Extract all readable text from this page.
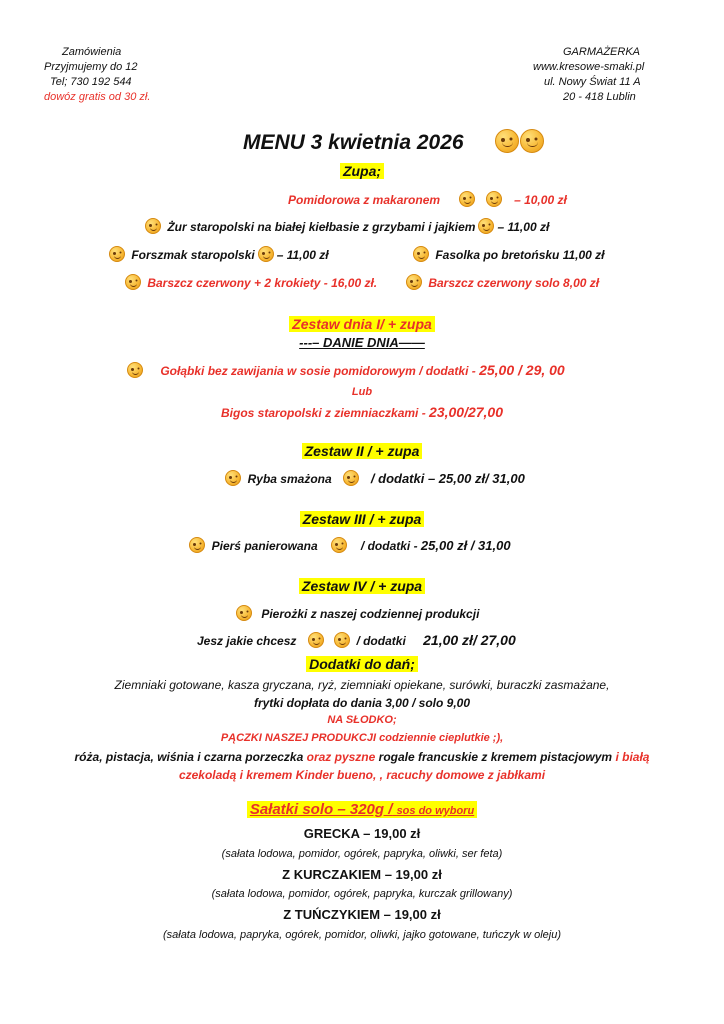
Zamówienia
Przyjmujemy do 12
Tel; 730 192 544
dowóz gratis od 30 zł.
GARMAŻERKA
www.kresowe-smaki.pl
ul. Nowy Świat 11 A
20 - 418 Lublin
MENU 3 kwietnia 2026
Zupa;
Pomidorowa z makaronem	– 10,00 zł
Żur staropolski na białej kiełbasie z grzybami i jajkiem – 11,00 zł
Forszmak staropolski – 11,00 zł	Fasolka po bretońsku 11,00 zł
Barszcz czerwony + 2 krokiety - 16,00 zł.	Barszcz czerwony solo 8,00 zł
Zestaw dnia I/ + zupa
---– DANIE DNIA——
Gołąbki bez zawijania w sosie pomidorowym / dodatki - 25,00 / 29, 00
Lub
Bigos staropolski z ziemniaczkami - 23,00/27,00
Zestaw II / + zupa
Ryba smażona	/ dodatki – 25,00 zł/ 31,00
Zestaw III / + zupa
Pierś panierowana	/ dodatki - 25,00 zł / 31,00
Zestaw IV / + zupa
Pierożki z naszej codziennej produkcji
Jesz jakie chcesz	/ dodatki 21,00 zł/ 27,00
Dodatki do dań;
Ziemniaki gotowane, kasza gryczana, ryż, ziemniaki opiekane, surówki, buraczki zasmażane,
frytki dopłata do dania 3,00 / solo 9,00
NA SŁODKO;
PĄCZKI NASZEJ PRODUKCJI codziennie cieplutkie ;),
róża, pistacja, wiśnia i czarna porzeczka oraz pyszne rogale francuskie z kremem pistacjowym i białą
czekoladą i kremem Kinder bueno, , racuchy domowe z jabłkami
Sałatki solo – 320g / sos do wyboru
GRECKA – 19,00 zł
(sałata lodowa, pomidor, ogórek, papryka, oliwki, ser feta)
Z KURCZAKIEM – 19,00 zł
(sałata lodowa, pomidor, ogórek, papryka, kurczak grillowany)
Z TUŃCZYKIEM – 19,00 zł
(sałata lodowa, papryka, ogórek, pomidor, oliwki, jajko gotowane, tuńczyk w oleju)
